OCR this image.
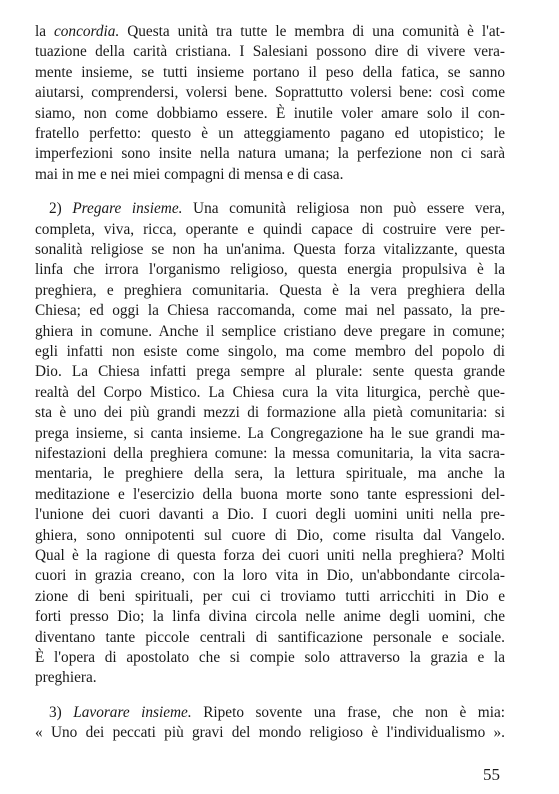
la concordia. Questa unità tra tutte le membra di una comunità è l'at-
tuazione della carità cristiana. I Salesiani possono dire di vivere vera-
mente insieme, se tutti insieme portano il peso della fatica, se sanno
aiutarsi, comprendersi, volersi bene. Soprattutto volersi bene: così come
siamo, non come dobbiamo essere. È inutile voler amare solo il con-
fratello perfetto: questo è un atteggiamento pagano ed utopistico; le
imperfezioni sono insite nella natura umana; la perfezione non ci sarà
mai in me e nei miei compagni di mensa e di casa.
2) Pregare insieme. Una comunità religiosa non può essere vera,
completa, viva, ricca, operante e quindi capace di costruire vere per-
sonalità religiose se non ha un'anima. Questa forza vitalizzante, questa
linfa che irrora l'organismo religioso, questa energia propulsiva è la
preghiera, e preghiera comunitaria. Questa è la vera preghiera della
Chiesa; ed oggi la Chiesa raccomanda, come mai nel passato, la pre-
ghiera in comune. Anche il semplice cristiano deve pregare in comune;
egli infatti non esiste come singolo, ma come membro del popolo di
Dio. La Chiesa infatti prega sempre al plurale: sente questa grande
realtà del Corpo Mistico. La Chiesa cura la vita liturgica, perchè que-
sta è uno dei più grandi mezzi di formazione alla pietà comunitaria: si
prega insieme, si canta insieme. La Congregazione ha le sue grandi ma-
nifestazioni della preghiera comune: la messa comunitaria, la vita sacra-
mentaria, le preghiere della sera, la lettura spirituale, ma anche la
meditazione e l'esercizio della buona morte sono tante espressioni del-
l'unione dei cuori davanti a Dio. I cuori degli uomini uniti nella pre-
ghiera, sono onnipotenti sul cuore di Dio, come risulta dal Vangelo.
Qual è la ragione di questa forza dei cuori uniti nella preghiera? Molti
cuori in grazia creano, con la loro vita in Dio, un'abbondante circola-
zione di beni spirituali, per cui ci troviamo tutti arricchiti in Dio e
forti presso Dio; la linfa divina circola nelle anime degli uomini, che
diventano tante piccole centrali di santificazione personale e sociale.
È l'opera di apostolato che si compie solo attraverso la grazia e la
preghiera.
3) Lavorare insieme. Ripeto sovente una frase, che non è mia:
« Uno dei peccati più gravi del mondo religioso è l'individualismo ».
55
